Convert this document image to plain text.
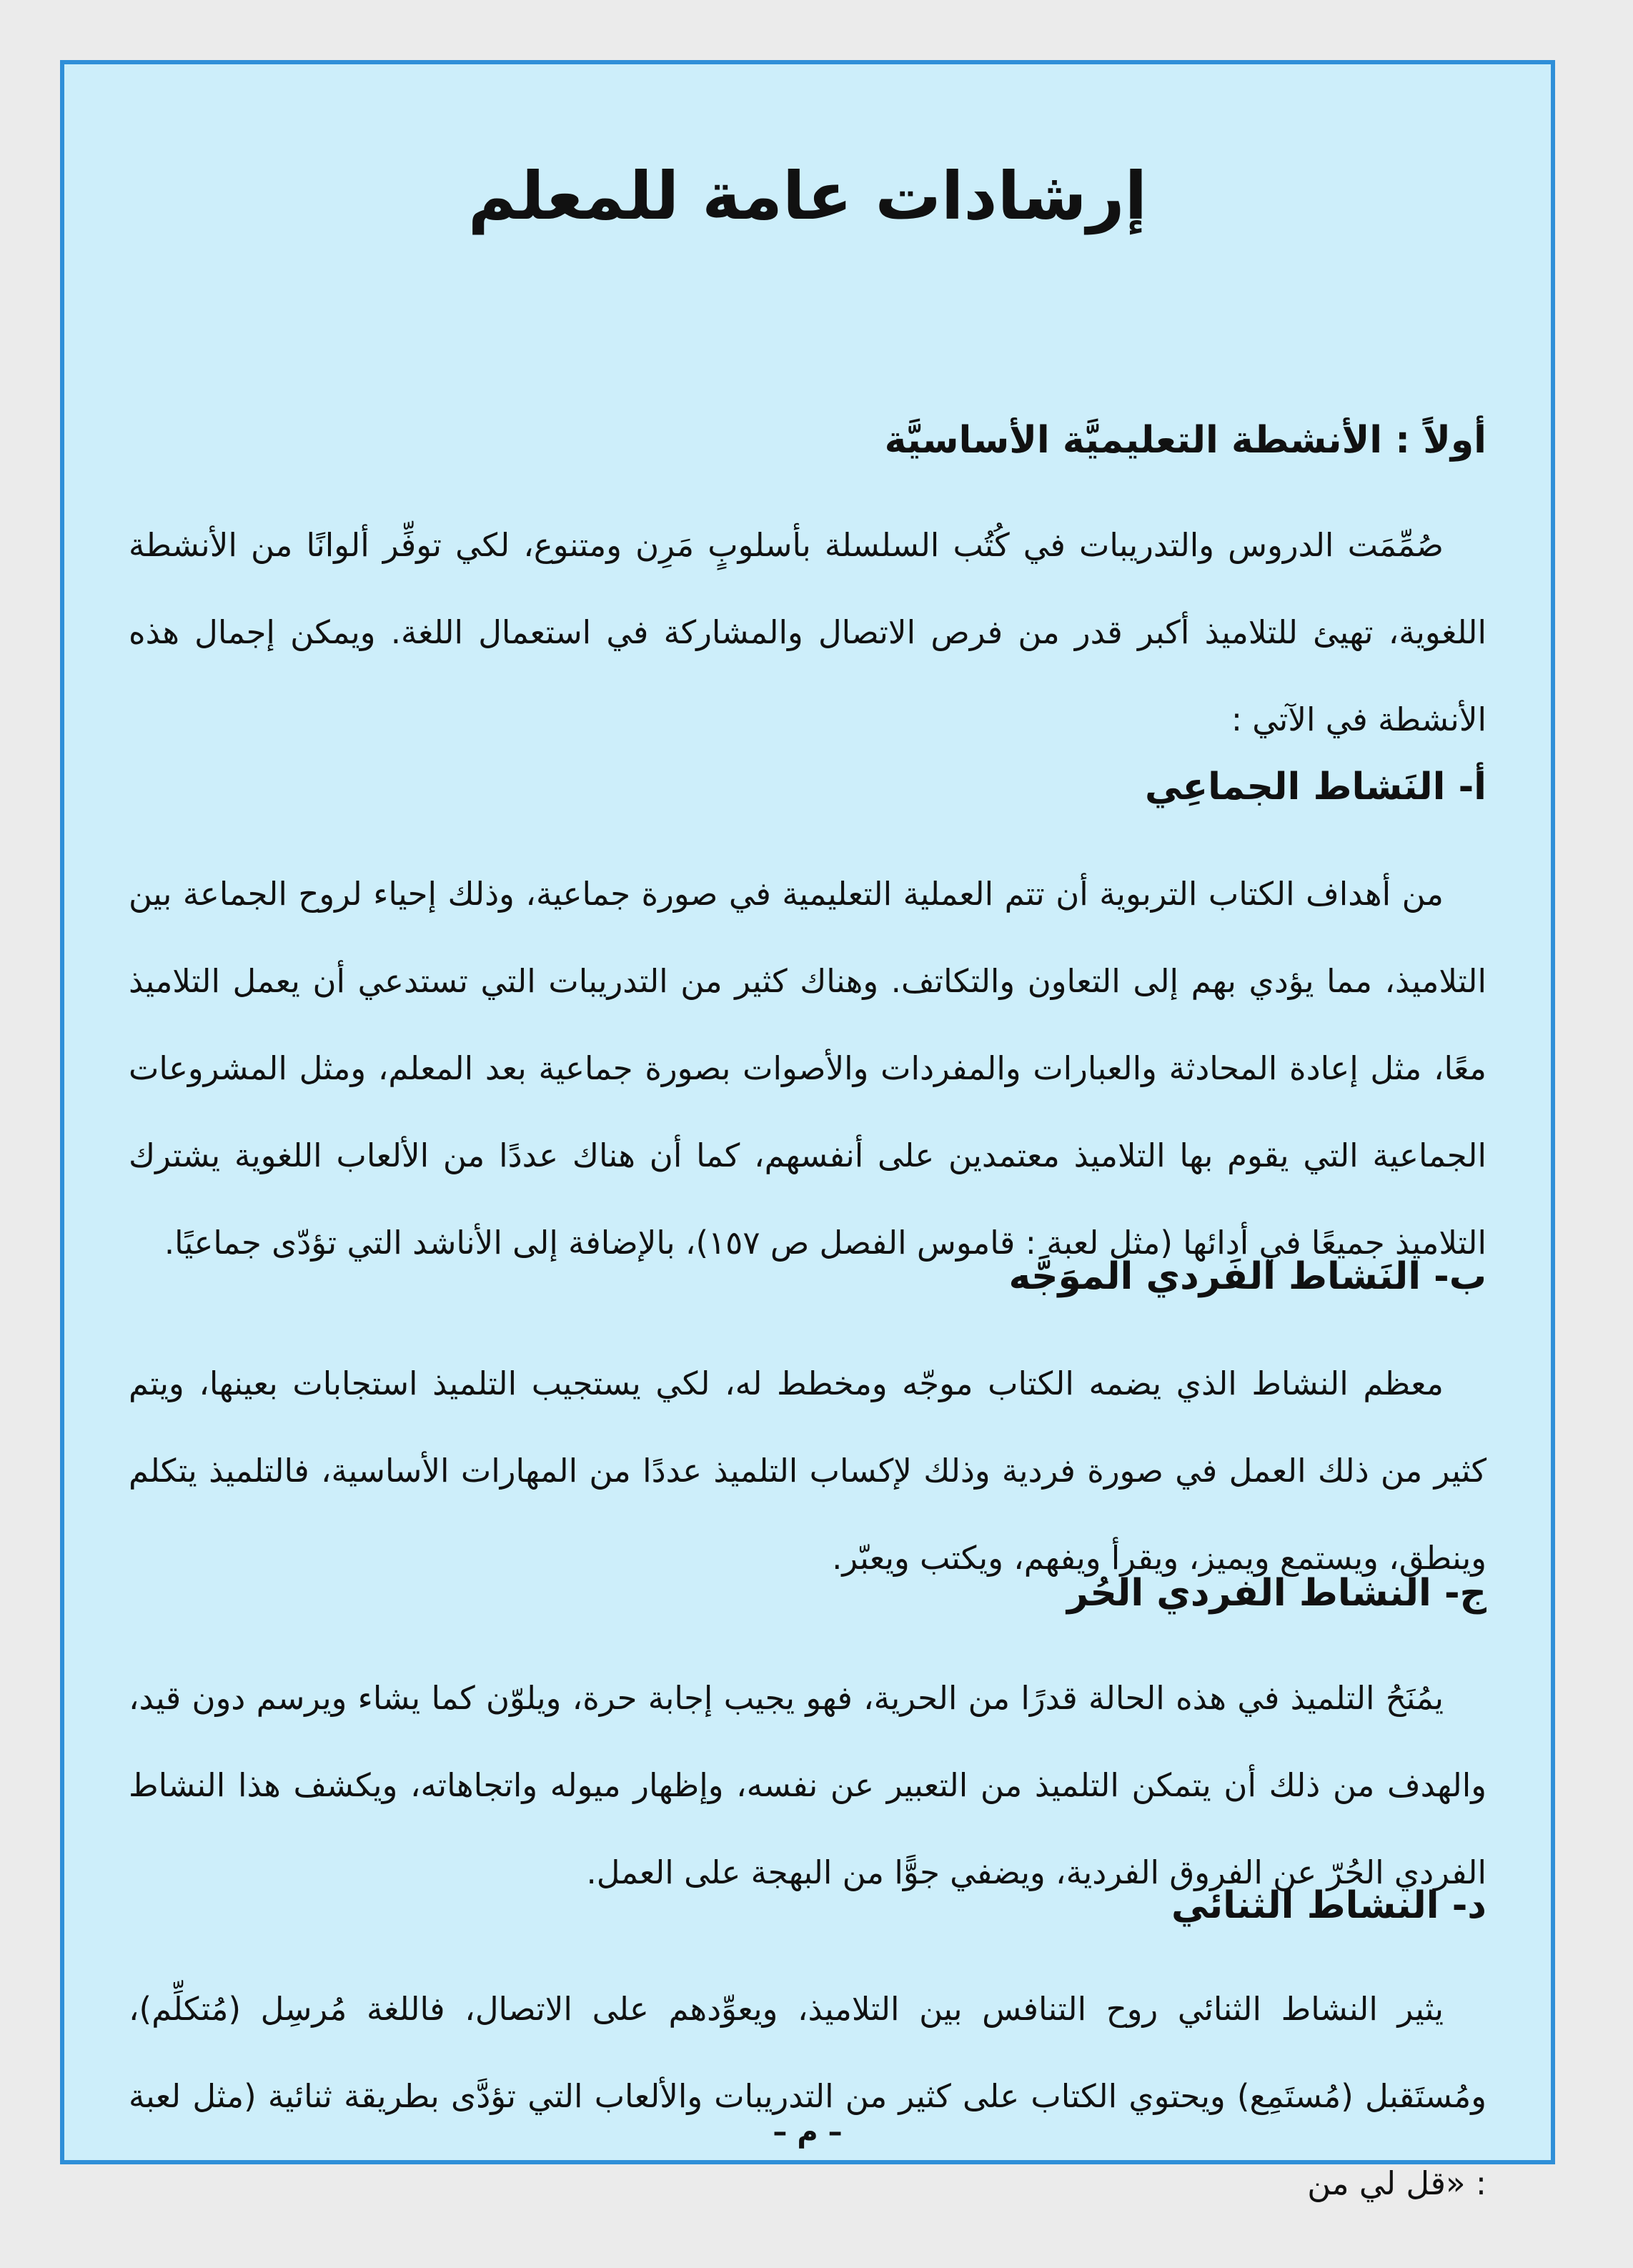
إرشادات عامة للمعلم
أولاً : الأنشطة التعليميَّة الأساسيَّة

صُمِّمَت الدروس والتدريبات في كُتُب السلسلة بأسلوبٍ مَرِن ومتنوع، لكي توفِّر ألوانًا من الأنشطة اللغوية، تهيئ للتلاميذ أكبر قدر من فرص الاتصال والمشاركة في استعمال اللغة. ويمكن إجمال هذه الأنشطة في الآتي :

أ- النَشاط الجماعِي

من أهداف الكتاب التربوية أن تتم العملية التعليمية في صورة جماعية، وذلك إحياء لروح الجماعة بين التلاميذ، مما يؤدي بهم إلى التعاون والتكاتف. وهناك كثير من التدريبات التي تستدعي أن يعمل التلاميذ معًا، مثل إعادة المحادثة والعبارات والمفردات والأصوات بصورة جماعية بعد المعلم، ومثل المشروعات الجماعية التي يقوم بها التلاميذ معتمدين على أنفسهم، كما أن هناك عددًا من الألعاب اللغوية يشترك التلاميذ جميعًا في أدائها (مثل لعبة : قاموس الفصل ص ١٥٧)، بالإضافة إلى الأناشد التي تؤدّى جماعيًا.

ب- النَشاط الفَردي الموَجَّه

معظم النشاط الذي يضمه الكتاب موجّه ومخطط له، لكي يستجيب التلميذ استجابات بعينها، ويتم كثير من ذلك العمل في صورة فردية وذلك لإكساب التلميذ عددًا من المهارات الأساسية، فالتلميذ يتكلم وينطق، ويستمع ويميز، ويقرأ ويفهم، ويكتب ويعبّر.

ج- النشاط الفردي الحُر

يمُنَحُ التلميذ في هذه الحالة قدرًا من الحرية، فهو يجيب إجابة حرة، ويلوّن كما يشاء ويرسم دون قيد، والهدف من ذلك أن يتمكن التلميذ من التعبير عن نفسه، وإظهار ميوله واتجاهاته، ويكشف هذا النشاط الفردي الحُرّ عن الفروق الفردية، ويضفي جوًّا من البهجة على العمل.

د- النشاط الثنائي

يثير النشاط الثنائي روح التنافس بين التلاميذ، ويعوِّدهم على الاتصال، فاللغة مُرسِل (مُتكلِّم)، ومُستَقبل (مُستَمِع) ويحتوي الكتاب على كثير من التدريبات والألعاب التي تؤدَّى بطريقة ثنائية (مثل لعبة : «قل لي من

– م –
